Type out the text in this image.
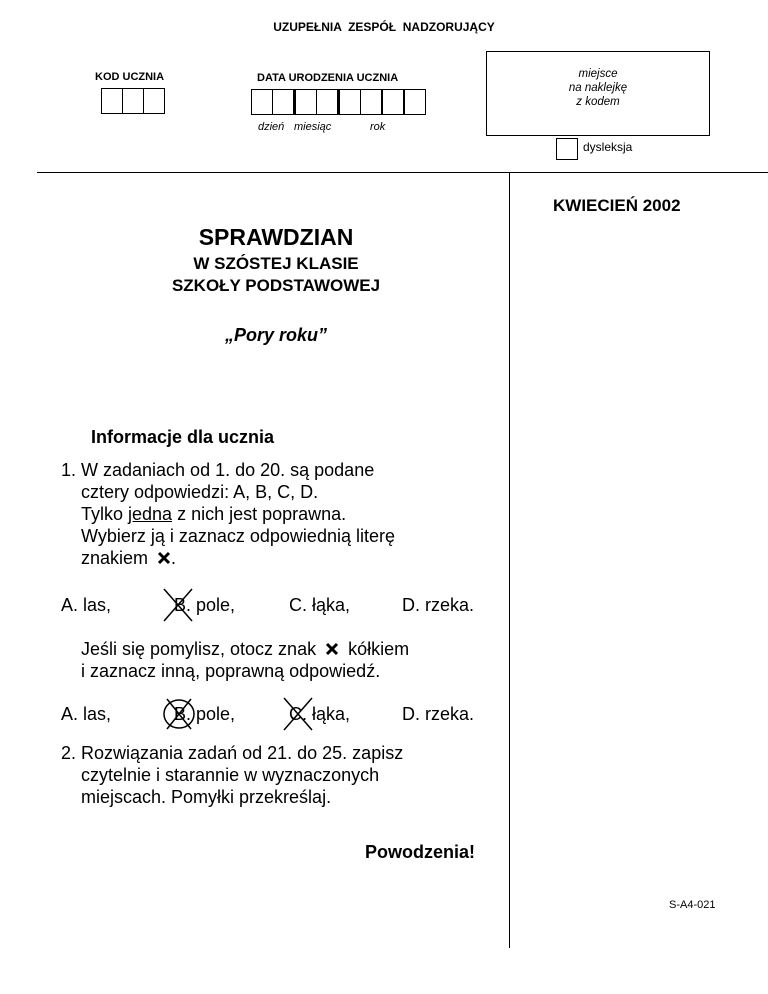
UZUPEŁNIA  ZESPÓŁ  NADZORUJĄCY
KOD UCZNIA	DATA URODZENIA UCZNIA
dzień miesiąc	rok
miejsce
na naklejkę
z kodem
dysleksja
KWIECIEŃ 2002
S-A4-021
SPRAWDZIAN
W SZÓSTEJ KLASIE
SZKOŁY PODSTAWOWEJ
„Pory roku”
Informacje dla ucznia
1. W zadaniach od 1. do 20. są podane
cztery odpowiedzi: A, B, C, D.
Tylko jedna z nich jest poprawna.
Wybierz ją i zaznacz odpowiednią literę
znakiem .
A. las,	B. pole,	C. łąka,	D. rzeka.
Jeśli się pomylisz, otocz znak kółkiem
i zaznacz inną, poprawną odpowiedź.
A. las,	B. pole,	C. łąka,	D. rzeka.
2. Rozwiązania zadań od 21. do 25. zapisz
czytelnie i starannie w wyznaczonych
miejscach. Pomyłki przekreślaj.
Powodzenia!
